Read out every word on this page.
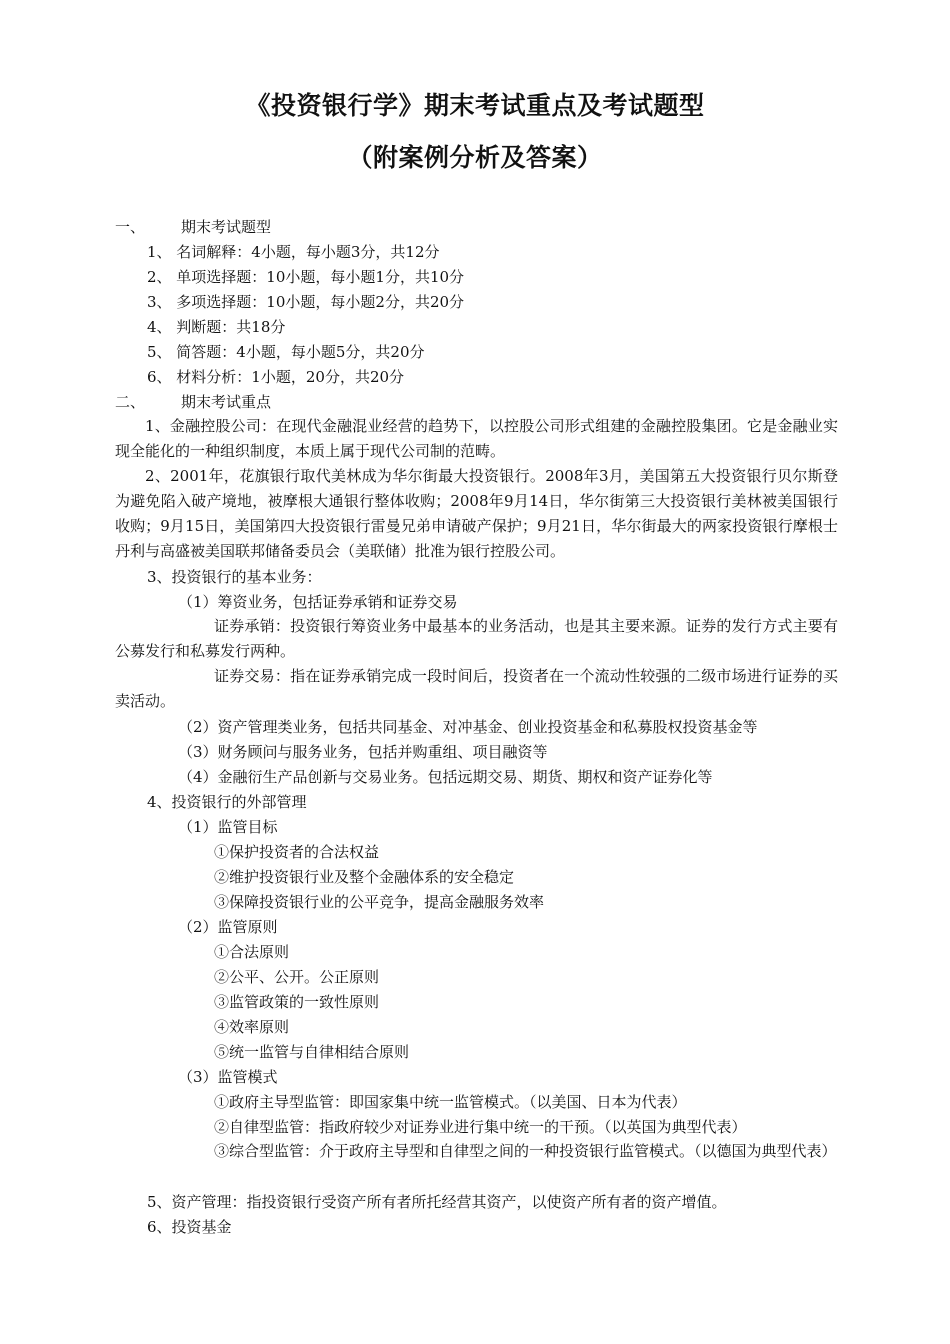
《投资银行学》期末考试重点及考试题型
（附案例分析及答案）
一、 期末考试题型
1、 名词解释：4小题，每小题3分，共12分
2、 单项选择题：10小题，每小题1分，共10分
3、 多项选择题：10小题，每小题2分，共20分
4、 判断题：共18分
5、 简答题：4小题，每小题5分，共20分
6、 材料分析：1小题，20分，共20分
二、 期末考试重点

1、金融控股公司：在现代金融混业经营的趋势下，以控股公司形式组建的金融控股集团。它是金融业实现全能化的一种组织制度，本质上属于现代公司制的范畴。

2、2001年，花旗银行取代美林成为华尔街最大投资银行。2008年3月，美国第五大投资银行贝尔斯登为避免陷入破产境地，被摩根大通银行整体收购；2008年9月14日，华尔街第三大投资银行美林被美国银行收购；9月15日，美国第四大投资银行雷曼兄弟申请破产保护；9月21日，华尔街最大的两家投资银行摩根士丹利与高盛被美国联邦储备委员会（美联储）批准为银行控股公司。

3、投资银行的基本业务：
（1）筹资业务，包括证券承销和证券交易

证券承销：投资银行筹资业务中最基本的业务活动，也是其主要来源。证券的发行方式主要有公募发行和私募发行两种。

证券交易：指在证券承销完成一段时间后，投资者在一个流动性较强的二级市场进行证券的买卖活动。

（2）资产管理类业务，包括共同基金、对冲基金、创业投资基金和私募股权投资基金等
（3）财务顾问与服务业务，包括并购重组、项目融资等
（4）金融衍生产品创新与交易业务。包括远期交易、期货、期权和资产证券化等
4、投资银行的外部管理
（1）监管目标
①保护投资者的合法权益
②维护投资银行业及整个金融体系的安全稳定
③保障投资银行业的公平竞争，提高金融服务效率
（2）监管原则
①合法原则
②公平、公开。公正原则
③监管政策的一致性原则
④效率原则
⑤统一监管与自律相结合原则
（3）监管模式
①政府主导型监管：即国家集中统一监管模式。（以美国、日本为代表）
②自律型监管：指政府较少对证券业进行集中统一的干预。（以英国为典型代表）

③综合型监管：介于政府主导型和自律型之间的一种投资银行监管模式。（以德国为典型代表）

5、资产管理：指投资银行受资产所有者所托经营其资产，以使资产所有者的资产增值。
6、投资基金
